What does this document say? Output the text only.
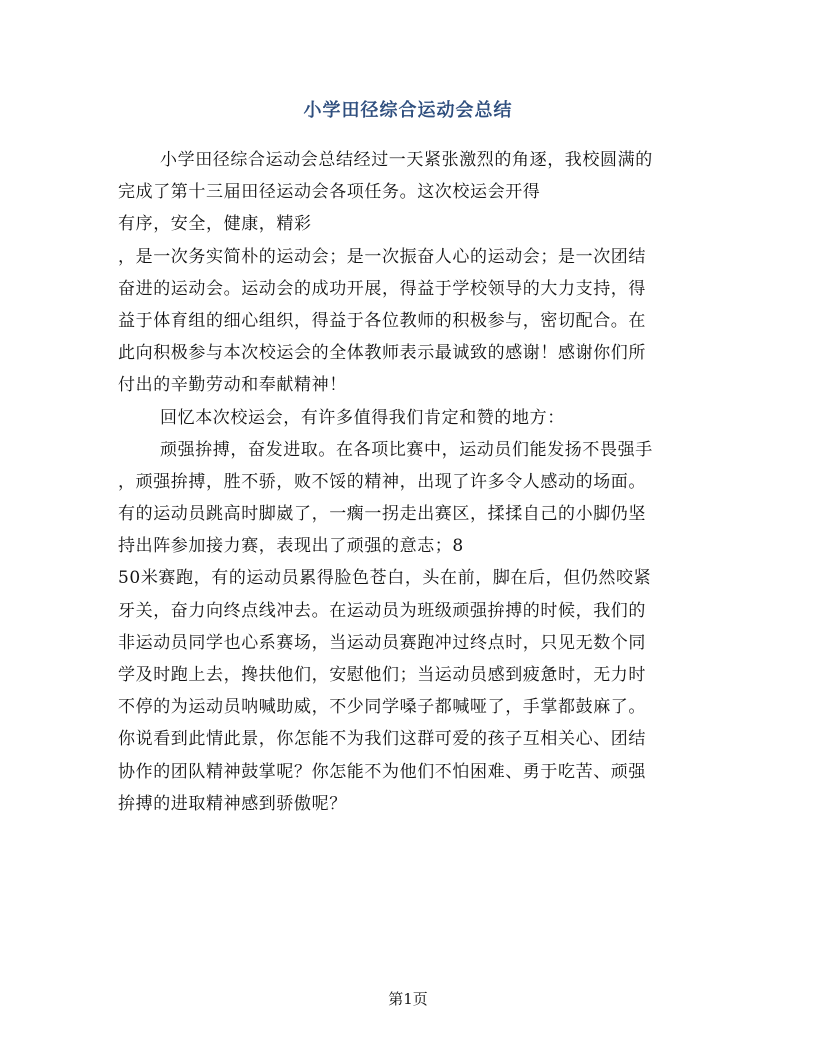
小学田径综合运动会总结
小学田径综合运动会总结经过一天紧张激烈的角逐，我校圆满的
完成了第十三届田径运动会各项任务。这次校运会开得
有序，安全，健康，精彩
，是一次务实简朴的运动会；是一次振奋人心的运动会；是一次团结
奋进的运动会。运动会的成功开展，得益于学校领导的大力支持，得
益于体育组的细心组织，得益于各位教师的积极参与，密切配合。在
此向积极参与本次校运会的全体教师表示最诚致的感谢！感谢你们所
付出的辛勤劳动和奉献精神！
回忆本次校运会，有许多值得我们肯定和赞的地方：
顽强拚搏，奋发进取。在各项比赛中，运动员们能发扬不畏强手
，顽强拚搏，胜不骄，败不馁的精神，出现了许多令人感动的场面。
有的运动员跳高时脚崴了，一瘸一拐走出赛区，揉揉自己的小脚仍坚
持出阵参加接力赛，表现出了顽强的意志；8
50米赛跑，有的运动员累得脸色苍白，头在前，脚在后，但仍然咬紧
牙关，奋力向终点线冲去。在运动员为班级顽强拚搏的时候，我们的
非运动员同学也心系赛场，当运动员赛跑冲过终点时，只见无数个同
学及时跑上去，搀扶他们，安慰他们；当运动员感到疲惫时，无力时
不停的为运动员呐喊助威，不少同学嗓子都喊哑了，手掌都鼓麻了。
你说看到此情此景，你怎能不为我们这群可爱的孩子互相关心、团结
协作的团队精神鼓掌呢？你怎能不为他们不怕困难、勇于吃苦、顽强
拚搏的进取精神感到骄傲呢？
第1页
